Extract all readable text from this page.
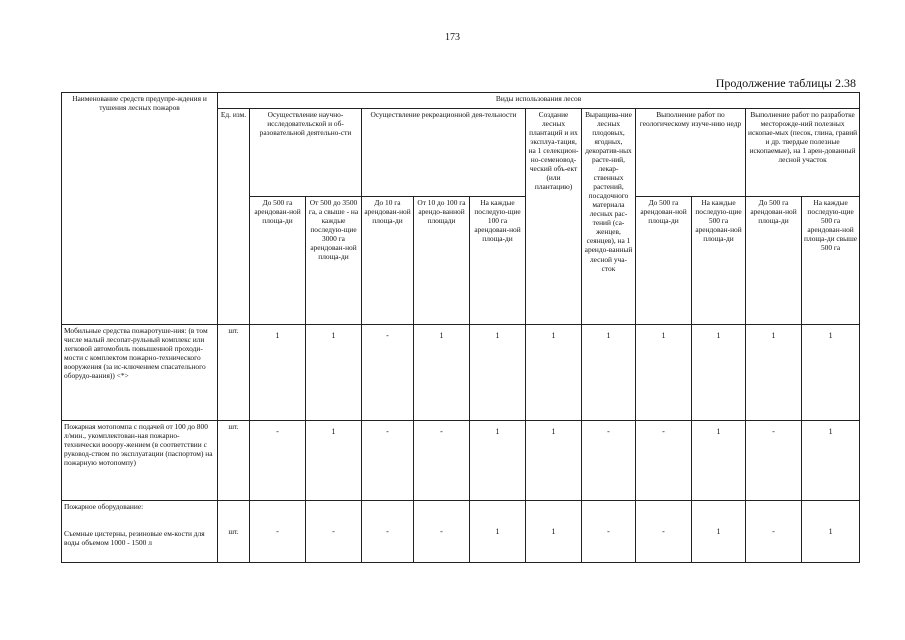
173
Продолжение таблицы 2.38
Наименование средств предупре-ждения и тушения лесных пожаров	Виды использования лесов											
	Ед. изм.	Осуществление научно-исследовательской и об-разовательной деятельно-сти		Осуществление рекреационной дея-тельности			Создание лесных плантаций и их эксплуа-тация, на 1 селекцион-но-семеновод-ческий объ-ект (или плантацию)	Выращива-ние лесных плодовых, ягодных, декоратив-ных расте-ний, лекар-ственных растений, посадочного материала лесных рас-тений (са-женцев, сеянцев), на 1 арендо-ванный лесной уча-сток	Выполнение работ по геологическому изуче-нию недр		Выполнение работ по разработке месторожде-ний полезных ископае-мых (песок, глина, гравий и др. твердые полезные ископаемые), на 1 арен-дованный лесной участок	
		До 500 га арендован-ной площа-ди	От 500 до 3500 га, а свыше - на каждые последую-щие 3000 га арендован-ной площа-ди	До 10 га арендован-ной площа-ди	От 10 до 100 га арендо-ванной площади	На каждые последую-щие 100 га арендован-ной площа-ди			До 500 га арендован-ной площа-ди	На каждые последую-щие 500 га арендован-ной площа-ди	До 500 га арендован-ной площа-ди	На каждые последую-щие 500 га арендован-ной площа-ди свыше 500 га
Мобильные средства пожаротуше-ния: (в том числе малый лесопат-рульный комплекс или легковой автомобиль повышенной проходи-мости с комплектом пожарно-технического вооружения (за ис-ключением спасательного оборудо-вания)) <*>	шт.	1	1	-	1	1	1	1	1	1	1	1
Пожарная мотопомпа с подачей от 100 до 800 л/мин., укомплектован-ная пожарно-технически вооору-жением (в соответствии с руковод-ством по эксплуатации (паспортом) на пожарную мотопомпу)	шт.	-	1	-	-	1	1	-	-	1	-	1

Пожарное оборудование:
Съемные цистерны, резиновые ем-кости для воды объемом 1000 - 1500 л	шт.	-	-	-	-	1	1	-	-	1	-	1
